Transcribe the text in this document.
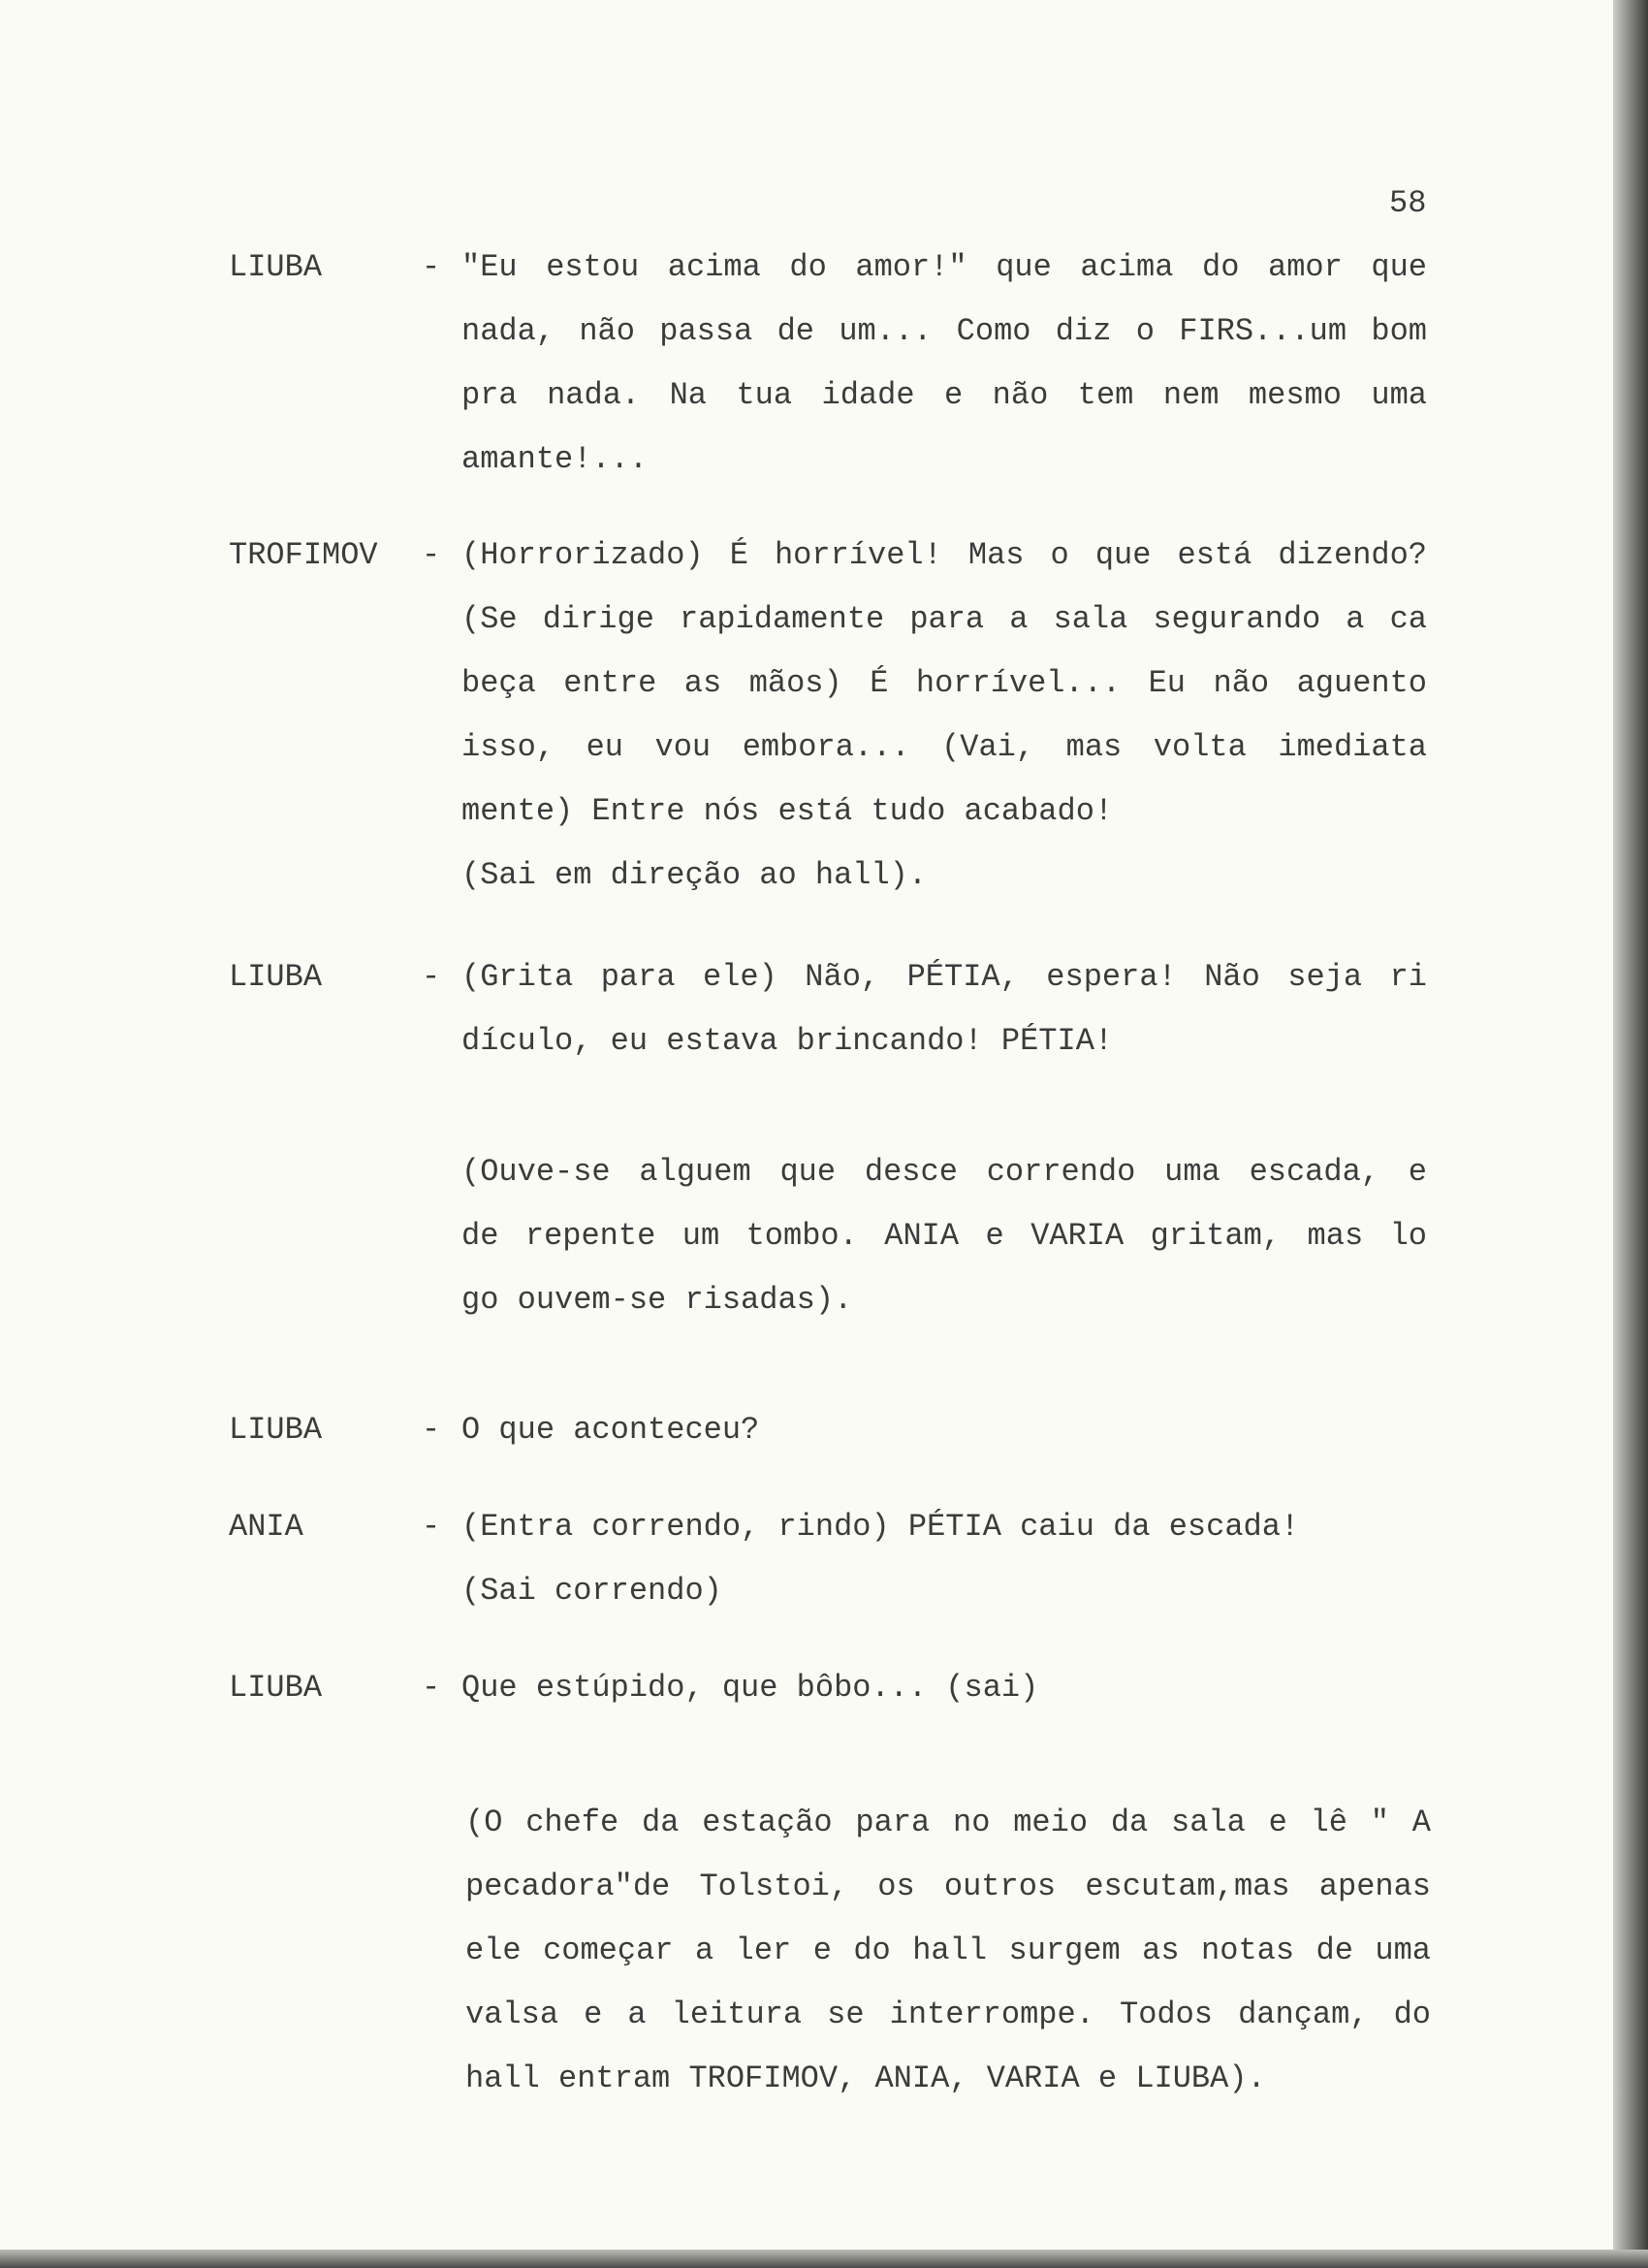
58

LIUBA	- "Eu estou acima do amor!" que acima do amor que

nada, não passa de um... Como diz o FIRS...um bom

pra nada. Na tua idade e não tem nem mesmo uma

amante!...

TROFIMOV - (Horrorizado) É horrível! Mas o que está dizendo?

(Se dirige rapidamente para a sala segurando a ca

beça entre as mãos) É horrível... Eu não aguento

isso, eu vou embora... (Vai, mas volta imediata

mente) Entre nós está tudo acabado!

(Sai em direção ao hall).

LIUBA	- (Grita para ele) Não, PÉTIA, espera! Não seja ri

dículo, eu estava brincando! PÉTIA!

(Ouve-se alguem que desce correndo uma escada, e

de repente um tombo. ANIA e VARIA gritam, mas lo

go ouvem-se risadas).

LIUBA	- O que aconteceu?

ANIA	- (Entra correndo, rindo) PÉTIA caiu da escada!

(Sai correndo)

LIUBA	- Que estúpido, que bôbo... (sai)

(O chefe da estação para no meio da sala e lê " A

pecadora"de Tolstoi, os outros escutam,mas apenas

ele começar a ler e do hall surgem as notas de uma

valsa e a leitura se interrompe. Todos dançam, do

hall entram TROFIMOV, ANIA, VARIA e LIUBA).
